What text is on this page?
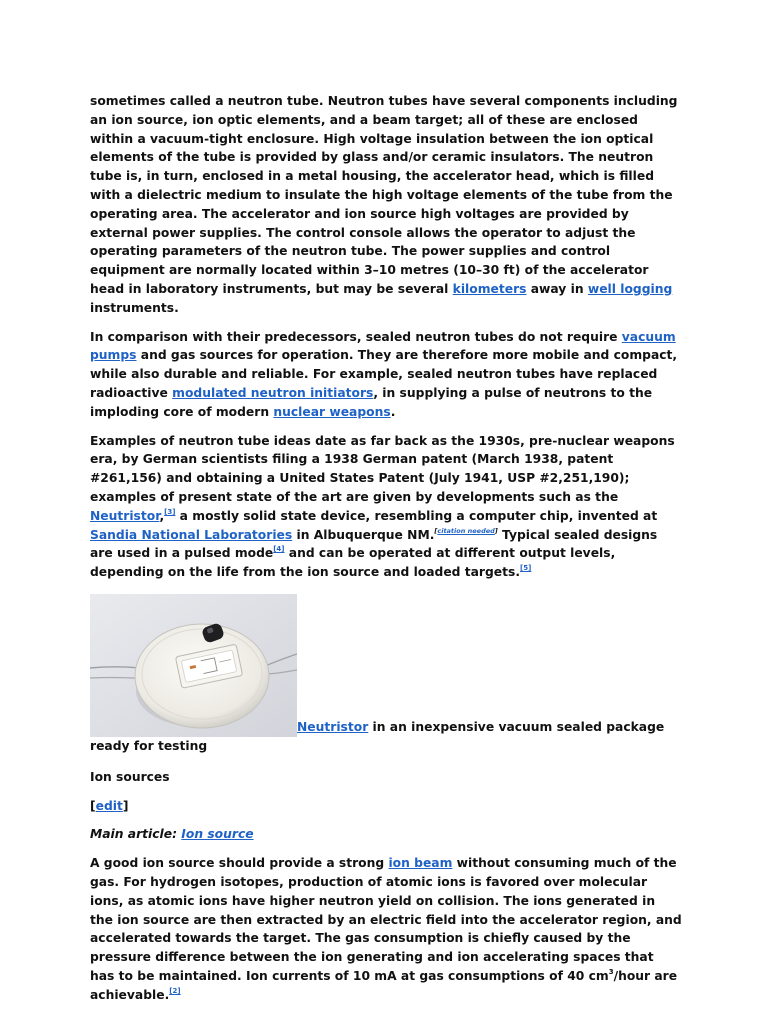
sometimes called a neutron tube. Neutron tubes have several components including an ion source, ion optic elements, and a beam target; all of these are enclosed within a vacuum-tight enclosure. High voltage insulation between the ion optical elements of the tube is provided by glass and/or ceramic insulators. The neutron tube is, in turn, enclosed in a metal housing, the accelerator head, which is filled with a dielectric medium to insulate the high voltage elements of the tube from the operating area. The accelerator and ion source high voltages are provided by external power supplies. The control console allows the operator to adjust the operating parameters of the neutron tube. The power supplies and control equipment are normally located within 3–10 metres (10–30 ft) of the accelerator head in laboratory instruments, but may be several kilometers away in well logging instruments.

In comparison with their predecessors, sealed neutron tubes do not require vacuum pumps and gas sources for operation. They are therefore more mobile and compact, while also durable and reliable. For example, sealed neutron tubes have replaced radioactive modulated neutron initiators, in supplying a pulse of neutrons to the imploding core of modern nuclear weapons.

Examples of neutron tube ideas date as far back as the 1930s, pre-nuclear weapons era, by German scientists filing a 1938 German patent (March 1938, patent #261,156) and obtaining a United States Patent (July 1941, USP #2,251,190); examples of present state of the art are given by developments such as the Neutristor,[3] a mostly solid state device, resembling a computer chip, invented at Sandia National Laboratories in Albuquerque NM.[citation needed] Typical sealed designs are used in a pulsed mode[4] and can be operated at different output levels, depending on the life from the ion source and loaded targets.[5]

Neutristor in an inexpensive vacuum sealed package ready for testing
Ion sources
[edit]
Main article: Ion source

A good ion source should provide a strong ion beam without consuming much of the gas. For hydrogen isotopes, production of atomic ions is favored over molecular ions, as atomic ions have higher neutron yield on collision. The ions generated in the ion source are then extracted by an electric field into the accelerator region, and accelerated towards the target. The gas consumption is chiefly caused by the pressure difference between the ion generating and ion accelerating spaces that has to be maintained. Ion currents of 10 mA at gas consumptions of 40 $cm^3$/hour are achievable.[2]
